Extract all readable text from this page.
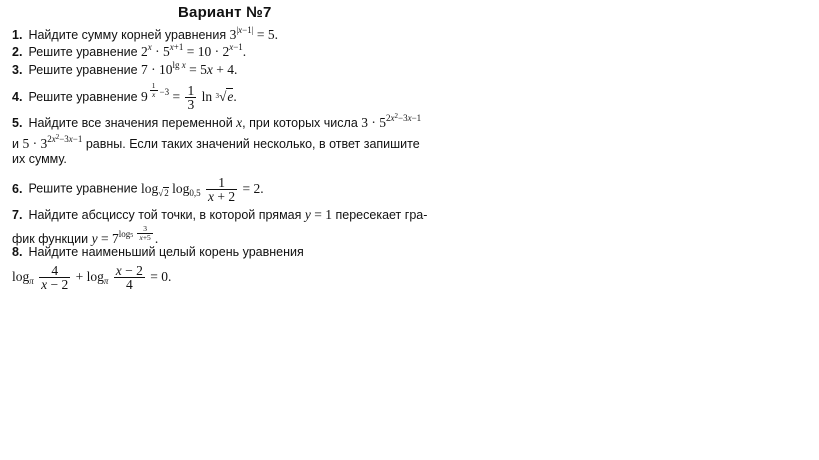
Вариант №7
1. Найдите сумму корней уравнения $3^{|x-1|} = 5$.
2. Решите уравнение $2^x \cdot 5^{x+1} = 10 \cdot 2^{x-1}$.
3. Решите уравнение $7 \cdot 10^{lg x} = 5x + 4$.
4. Решите уравнение 9 $^{\frac{1}{x} -3} = \frac{1}{3}$ ln $^3$√e.
5. Найдите все значения переменной x, при которых числа $3 \cdot 5^{2x^2-3x-1}$
и $5 \cdot 3^{2x^2-3x-1}$ равны. Если таких значений несколько, в ответ запишите
их сумму.
6. Решите уравнение $\log_{√2} \log_{0,5} \frac{1}{x + 2} = 2$.
7. Найдите абсциссу той точки, в которой прямая y = 1 пересекает гра-
фик функции $y = 7^{log5 \frac{3}{x+5}}$ .
8. Найдите наименьший целый корень уравнения
$\log_\pi \frac{4}{x - 2} + \log_\pi \frac{x - 2}{4} = 0$.
